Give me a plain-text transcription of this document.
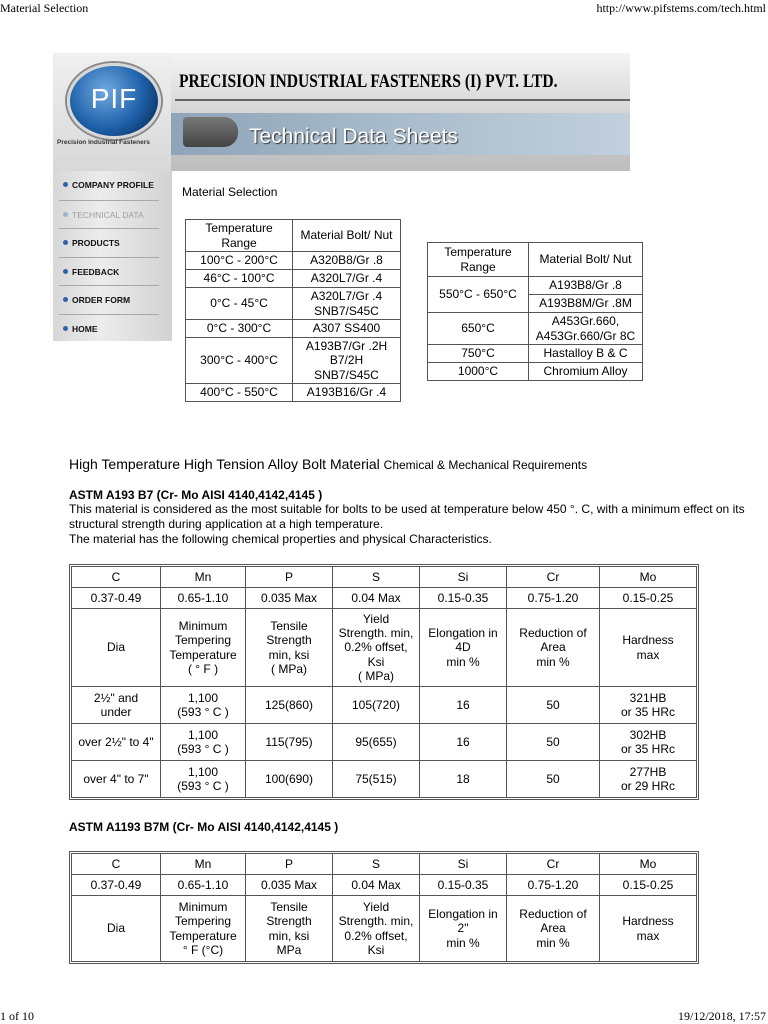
Material Selection	http://www.pifstems.com/tech.html
1 of 10	19/12/2018, 17:57
PIF
Precision Industrial Fasteners
PRECISION INDUSTRIAL FASTENERS (I) PVT. LTD.
Technical Data Sheets
COMPANY PROFILE
TECHNICAL DATA
PRODUCTS
FEEDBACK
ORDER FORM
HOME
Material Selection
Temperature Range	Material Bolt/ Nut
100°C - 200°C	A320B8/Gr .8
46°C - 100°C	A320L7/Gr .4
0°C - 45°C	A320L7/Gr .4
SNB7/S45C
0°C - 300°C	A307 SS400
300°C - 400°C	A193B7/Gr .2H
B7/2H
SNB7/S45C
400°C - 550°C	A193B16/Gr .4
Temperature Range	Material Bolt/ Nut
550°C - 650°C	A193B8/Gr .8
	A193B8M/Gr .8M
650°C	A453Gr.660,
A453Gr.660/Gr 8C
750°C	Hastalloy B & C
1000°C	Chromium Alloy
High Temperature High Tension Alloy Bolt Material Chemical & Mechanical Requirements
ASTM A193 B7 (Cr- Mo AISI 4140,4142,4145 )
This material is considered as the most suitable for bolts to be used at temperature below 450 °. C, with a minimum effect on its structural strength during application at a high temperature.
The material has the following chemical properties and physical Characteristics.
C	Mn	P	S	Si	Cr	Mo
0.37-0.49	0.65-1.10	0.035 Max	0.04 Max	0.15-0.35	0.75-1.20	0.15-0.25
Dia	Minimum
Tempering
Temperature
( ° F )	Tensile
Strength
min, ksi
( MPa)	Yield
Strength. min,
0.2% offset,
Ksi
( MPa)	Elongation in
4D
min %	Reduction of
Area
min %	Hardness
max
2½" and
under	1,100
(593 ° C )	125(860)	105(720)	16	50	321HB
or 35 HRc
over 2½" to 4"	1,100
(593 ° C )	115(795)	95(655)	16	50	302HB
or 35 HRc
over 4" to 7"	1,100
(593 ° C )	100(690)	75(515)	18	50	277HB
or 29 HRc
ASTM A1193 B7M (Cr- Mo AISI 4140,4142,4145 )
C	Mn	P	S	Si	Cr	Mo
0.37-0.49	0.65-1.10	0.035 Max	0.04 Max	0.15-0.35	0.75-1.20	0.15-0.25
Dia	Minimum
Tempering
Temperature
° F (°C)	Tensile
Strength
min, ksi
MPa	Yield
Strength. min,
0.2% offset,
Ksi	Elongation in
2"
min %	Reduction of
Area
min %	Hardness
max
